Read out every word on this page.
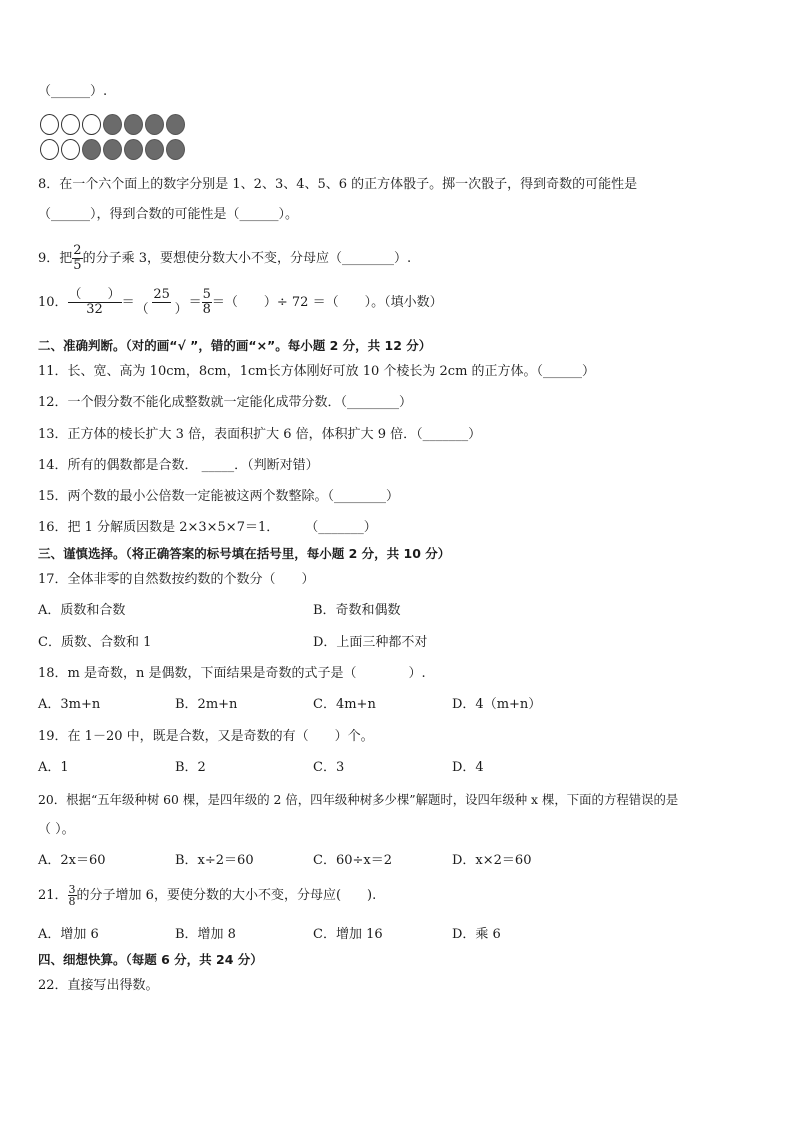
（______）.
8．在一个六个面上的数字分别是 1、2、3、4、5、6 的正方体骰子。掷一次骰子，得到奇数的可能性是
（______），得到合数的可能性是（______）。
9．把 $\frac{2}{5}$ 的分子乘 3，要想使分数大小不变，分母应（________）.
10． $\frac{( )}{32} = \frac{25}{( )} = \frac{5}{8}$ ＝（　　）÷ 72 ＝（　　）。（填小数）
二、准确判断。（对的画“√ ”，错的画“×”。每小题 2 分，共 12 分）
11．长、宽、高为 10cm，8cm，1cm长方体刚好可放 10 个棱长为 2cm 的正方体。（______）
12．一个假分数不能化成整数就一定能化成带分数．（________）
13．正方体的棱长扩大 3 倍，表面积扩大 6 倍，体积扩大 9 倍．（_______）
14．所有的偶数都是合数． _____．（判断对错）
15．两个数的最小公倍数一定能被这两个数整除。（________）
16．把 1 分解质因数是 2×3×5×7＝1．　　　（_______）
三、谨慎选择。（将正确答案的标号填在括号里，每小题 2 分，共 10 分）
17．全体非零的自然数按约数的个数分（　　）
A．质数和合数	B．奇数和偶数
C．质数、合数和 1	D．上面三种都不对
18．m 是奇数，n 是偶数，下面结果是奇数的式子是（　　　　）.
A．3m+n	B．2m+n	C．4m+n	D．4（m+n）
19．在 1－20 中，既是合数，又是奇数的有（　　）个。
A．1	B．2	C．3	D．4
20．根据“五年级种树 60 棵，是四年级的 2 倍，四年级种树多少棵”解题时，设四年级种 x 棵，下面的方程错误的是
（ ）。
A．2x＝60	B．x÷2＝60	C．60÷x＝2	D．x×2＝60
21． $\frac{3}{8}$ 的分子增加 6，要使分数的大小不变，分母应(　　).
A．增加 6	B．增加 8	C．增加 16	D．乘 6
四、细想快算。（每题 6 分，共 24 分）
22．直接写出得数。
